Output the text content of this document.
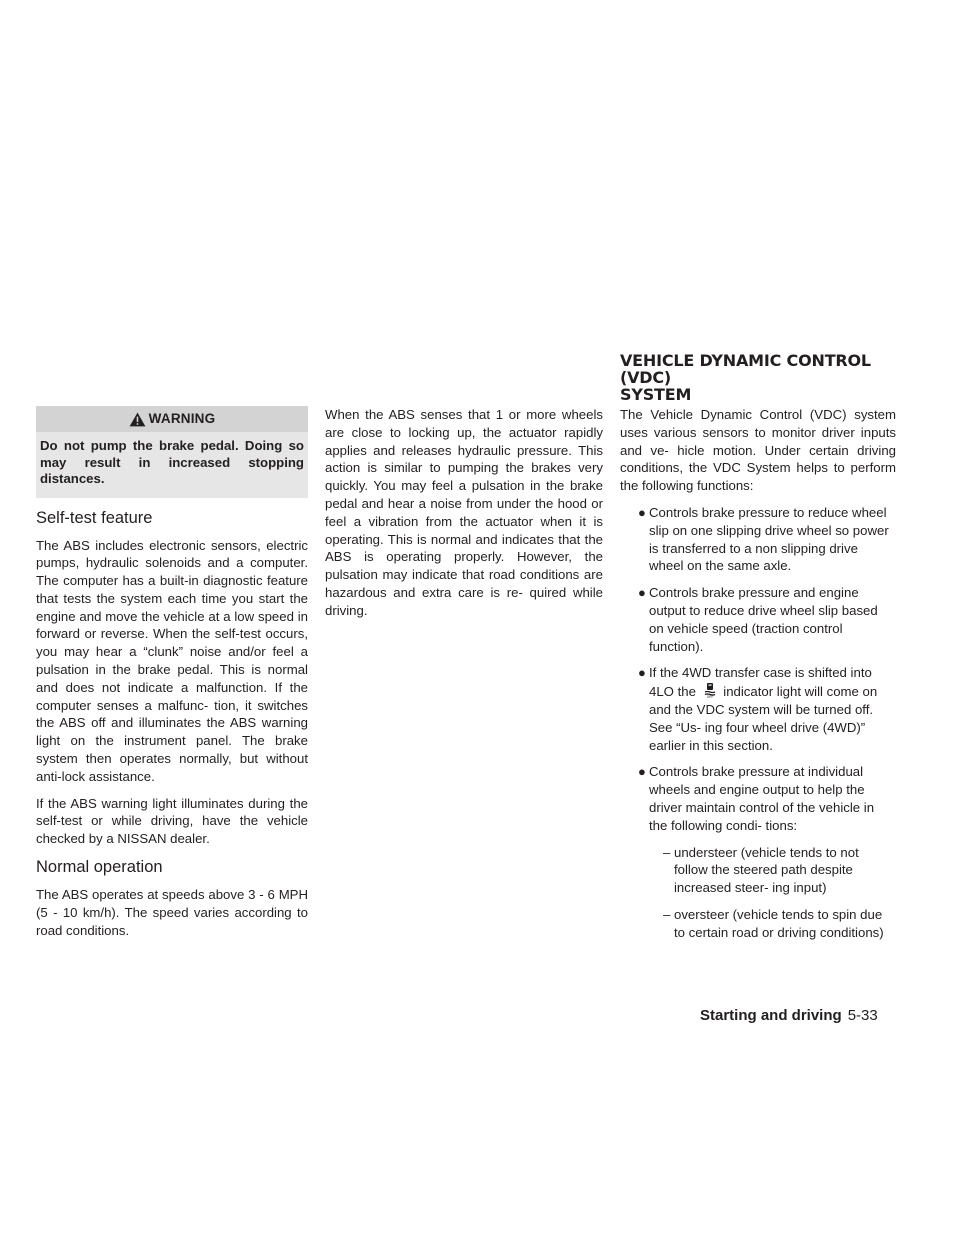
VEHICLE DYNAMIC CONTROL (VDC)
SYSTEM
WARNING
Do not pump the brake pedal. Doing so may result in increased stopping distances.
Self-test feature

The ABS includes electronic sensors, electric pumps, hydraulic solenoids and a computer. The computer has a built-in diagnostic feature that tests the system each time you start the engine and move the vehicle at a low speed in forward or reverse. When the self-test occurs, you may hear a “clunk” noise and/or feel a pulsation in the brake pedal. This is normal and does not indicate a malfunction. If the computer senses a malfunc- tion, it switches the ABS off and illuminates the ABS warning light on the instrument panel. The brake system then operates normally, but without anti-lock assistance.

If the ABS warning light illuminates during the self-test or while driving, have the vehicle checked by a NISSAN dealer.

Normal operation

The ABS operates at speeds above 3 - 6 MPH (5 - 10 km/h). The speed varies according to road conditions.

When the ABS senses that 1 or more wheels are close to locking up, the actuator rapidly applies and releases hydraulic pressure. This action is similar to pumping the brakes very quickly. You may feel a pulsation in the brake pedal and hear a noise from under the hood or feel a vibration from the actuator when it is operating. This is normal and indicates that the ABS is operating properly. However, the pulsation may indicate that road conditions are hazardous and extra care is re- quired while driving.

The Vehicle Dynamic Control (VDC) system uses various sensors to monitor driver inputs and ve- hicle motion. Under certain driving conditions, the VDC System helps to perform the following functions:

● Controls brake pressure to reduce wheel slip on one slipping drive wheel so power is transferred to a non slipping drive wheel on the same axle.
● Controls brake pressure and engine output to reduce drive wheel slip based on vehicle speed (traction control function).
● If the 4WD transfer case is shifted into 4LO the	OFF indicator light will come on and the VDC system will be turned off. See “Us- ing four wheel drive (4WD)” earlier in this section.
● Controls brake pressure at individual wheels and engine output to help the driver maintain control of the vehicle in the following condi- tions:
– understeer (vehicle tends to not follow the steered path despite increased steer- ing input)
– oversteer (vehicle tends to spin due to certain road or driving conditions)
Starting and driving 5-33
